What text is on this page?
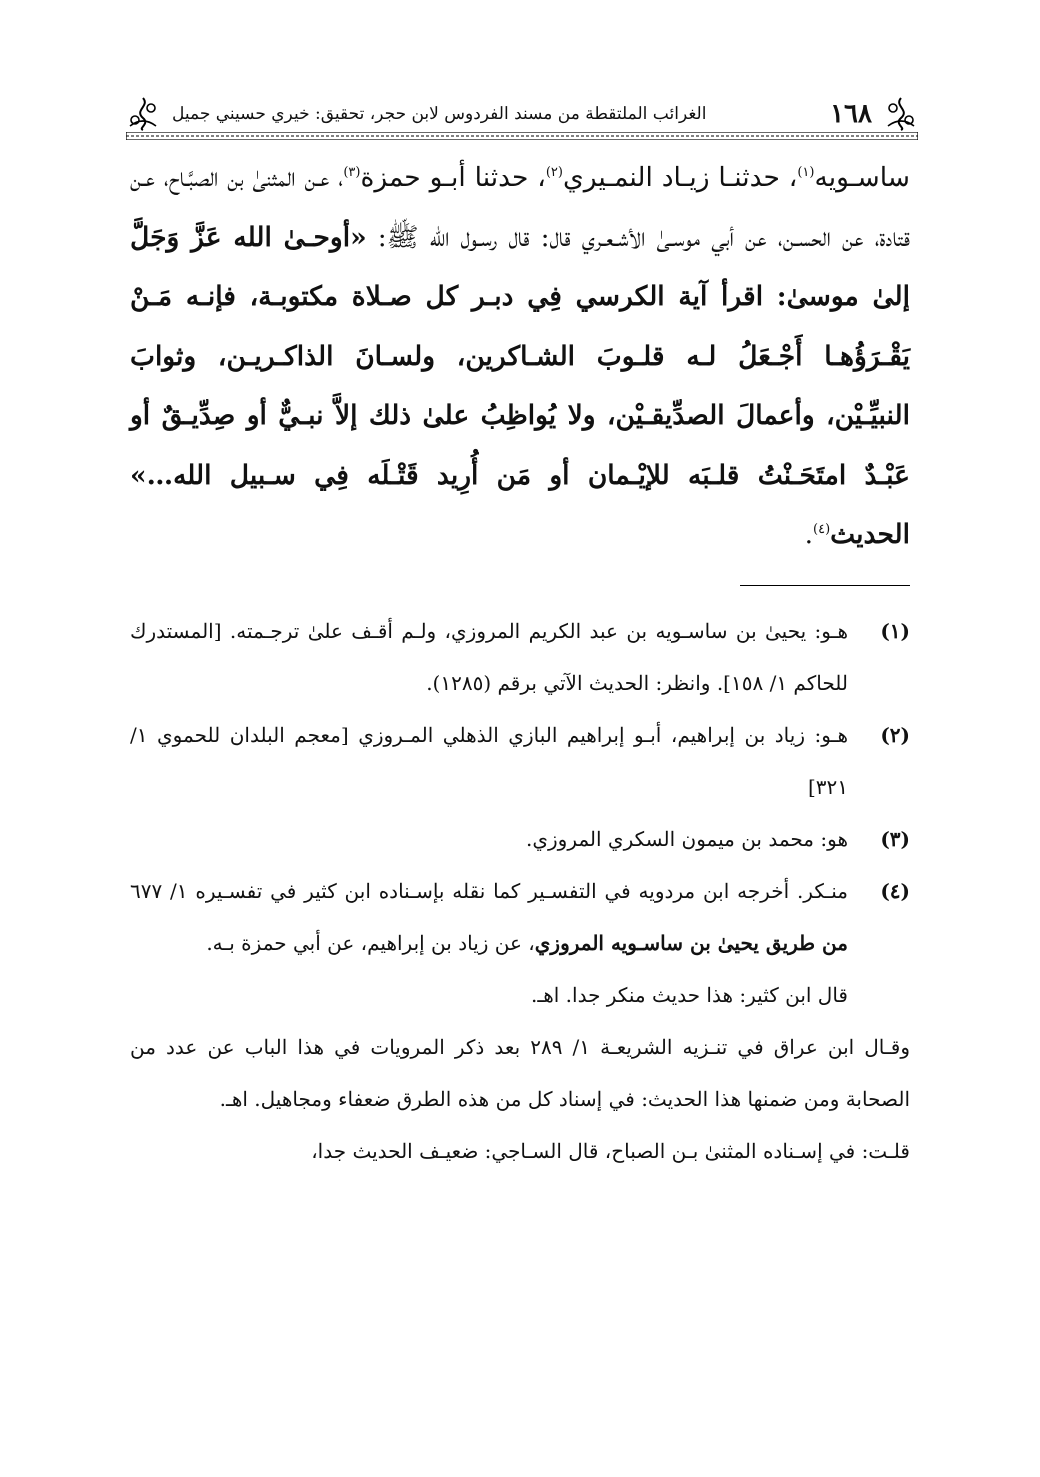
١٦٨
الغرائب الملتقطة من مسند الفردوس لابن حجر، تحقيق: خيري حسيني جميل
ساسـويه$^{(١)}$، حدثنـا زيـاد النمـيري$^{(٢)}$، حدثنا أبـو حمزة$^{(٣)}$، عـن المثنىٰ بن الصبَّـاح، عـن قتادة، عن الحسـن، عن أبي موسـىٰ الأشـعـري قال: قال رسـول الله ﷺ: «أوحـىٰ الله عَزَّ وَجَلَّ إلىٰ موسىٰ: اقرأ آية الكرسي فِي دبـر كل صـلاة مكتوبـة، فإنـه مَـنْ يَقْـرَؤُهـا أَجْـعَلُ لـه قلـوبَ الشـاكرين، ولسـانَ الذاكـريـن، وثوابَ النبيِّـيْن، وأعمالَ الصدِّيقـيْن، ولا يُواظِبُ علىٰ ذلك إلاَّ نبـيٌّ أو صِدِّيـقٌ أو عَبْـدٌ امتَحَـنْتُ قلـبَه للإيْـمان أو مَن أُرِيد قَتْـلَه فِي سـبيل الله…» الحديث$^{(٤)}$.
(١)
هـو: يحيىٰ بن ساسـويه بن عبد الكريم المروزي، ولـم أقـف علىٰ ترجـمته. [المستدرك للحاكم ١/ ١٥٨]. وانظر: الحديث الآتي برقم (١٢٨٥).
(٢)
هـو: زياد بن إبراهيم، أبـو إبراهيم البازي الذهلي المـروزي [معجم البلدان للحموي ١/ ٣٢١]
(٣)
هو: محمد بن ميمون السكري المروزي.
(٤)
منـكر. أخرجه ابن مردويه في التفسـير كما نقله بإسـناده ابن كثير في تفسـيره ١/ ٦٧٧ من طريق يحيىٰ بن ساسـويه المروزي، عن زياد بن إبراهيم، عن أبي حمزة بـه.
قال ابن كثير: هذا حديث منكر جدا. اهـ.
وقـال ابن عراق في تنـزيه الشريعـة ١/ ٢٨٩ بعد ذكر المرويات في هذا الباب عن عدد من الصحابة ومن ضمنها هذا الحديث: في إسناد كل من هذه الطرق ضعفاء ومجاهيل. اهـ.
قلـت: في إسـناده المثنىٰ بـن الصباح، قال السـاجي: ضعيـف الحديث جدا،
